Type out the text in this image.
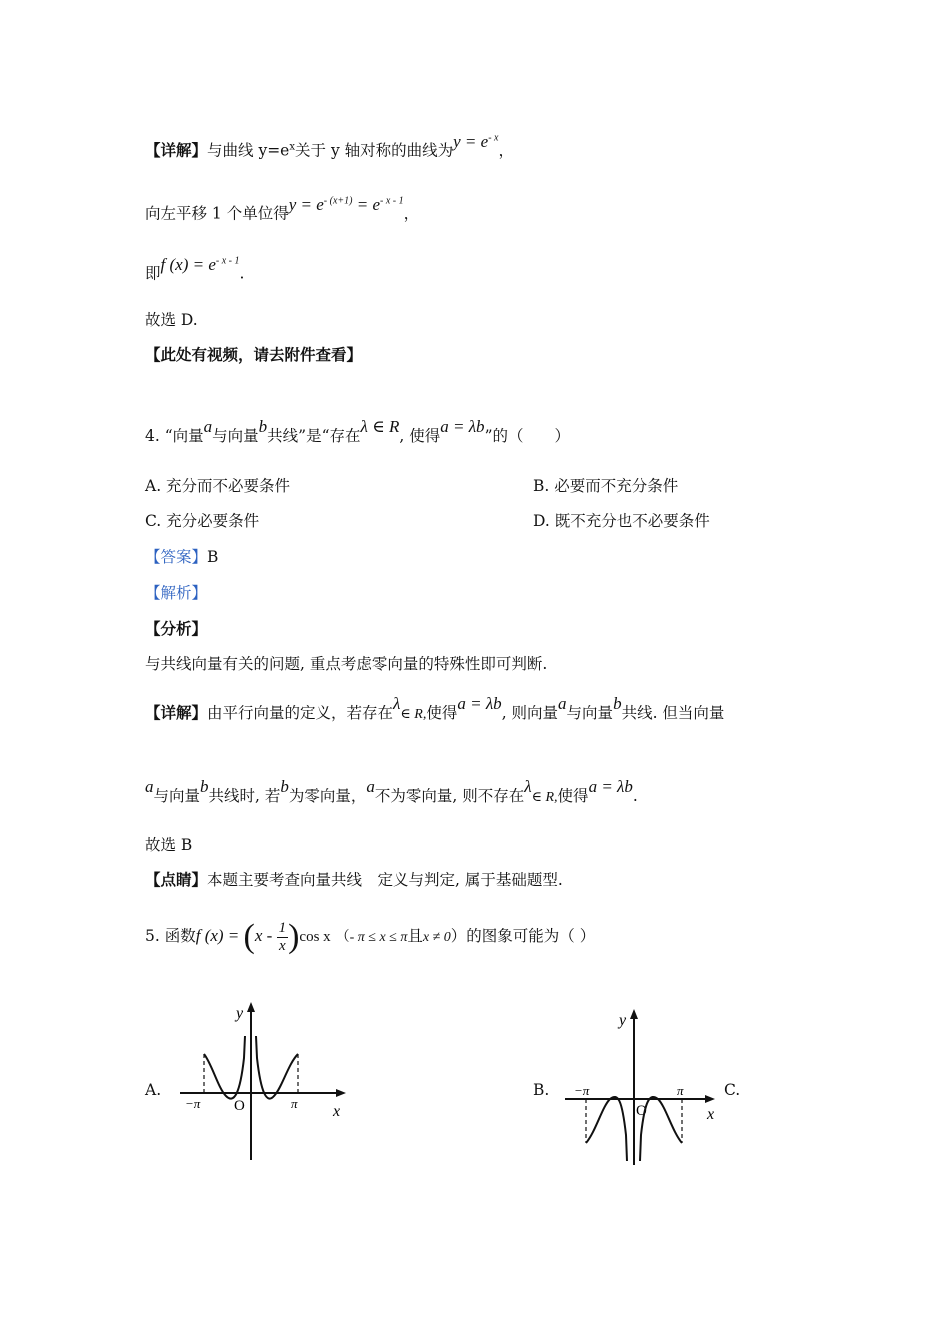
【详解】与曲线 $y=e^x$关于 y 轴对称的曲线为$y = e^{- x}$，
向左平移 1 个单位得$y = e^{- (x+1)} = e^{- x - 1}$，
即f $(x) = e^{- x - 1}$.
故选 D.
【此处有视频，请去附件查看】
4. “向量a与向量b共线”是“存在λ ∈ R, 使得a = λb”的（　　）
A. 充分而不必要条件	B. 必要而不充分条件
C. 充分必要条件	D. 既不充分也不必要条件
【答案】B
【解析】
【分析】
与共线向量有关的问题, 重点考虑零向量的特殊性即可判断.
【详解】由平行向量的定义，若存在λ∈ R,使得a = λb, 则向量a与向量b共线. 但当向量
a与向量b共线时, 若b为零向量，a不为零向量, 则不存在λ∈ R,使得a = λb.
故选 B
【点睛】本题主要考查向量共线　定义与判定, 属于基础题型.
5. 函数f $(x) = (x - \frac{1}{x} )\cos$ x （- π ≤ x ≤ π且x ≠ 0）的图象可能为（ ）
A.	B.	C.
y
x
O
−π	π
y
x
O
−π	π
